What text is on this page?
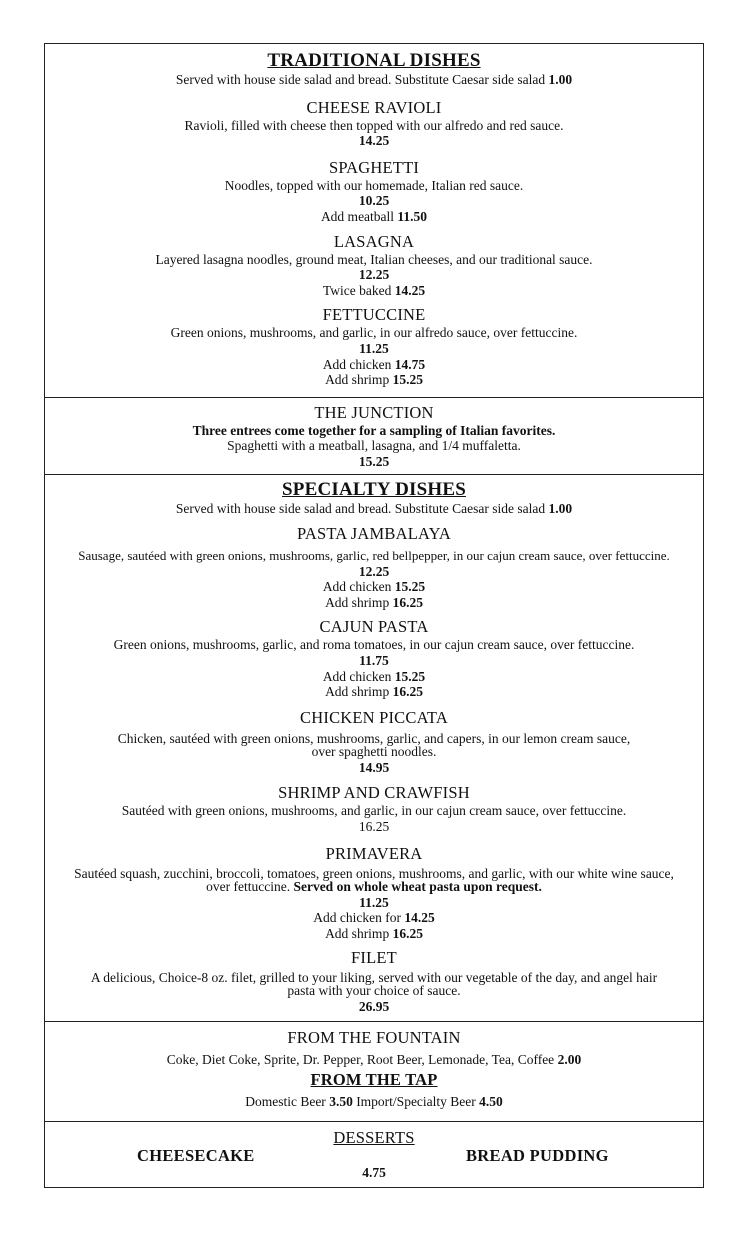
TRADITIONAL DISHES
Served with house side salad and bread. Substitute Caesar side salad 1.00
CHEESE RAVIOLI
Ravioli, filled with cheese then topped with our alfredo and red sauce.
14.25
SPAGHETTI
Noodles, topped with our homemade, Italian red sauce.
10.25
Add meatball 11.50
LASAGNA
Layered lasagna noodles, ground meat, Italian cheeses, and our traditional sauce.
12.25
Twice baked 14.25
FETTUCCINE
Green onions, mushrooms, and garlic, in our alfredo sauce, over fettuccine.
11.25
Add chicken 14.75
Add shrimp 15.25
THE JUNCTION
Three entrees come together for a sampling of Italian favorites.
Spaghetti with a meatball, lasagna, and 1/4 muffaletta.
15.25
SPECIALTY DISHES
Served with house side salad and bread. Substitute Caesar side salad 1.00
PASTA JAMBALAYA
Sausage, sautéed with green onions, mushrooms, garlic, red bellpepper, in our cajun cream sauce, over fettuccine.
12.25
Add chicken 15.25
Add shrimp 16.25
CAJUN PASTA
Green onions, mushrooms, garlic, and roma tomatoes, in our cajun cream sauce, over fettuccine.
11.75
Add chicken 15.25
Add shrimp 16.25
CHICKEN PICCATA
Chicken, sautéed with green onions, mushrooms, garlic, and capers, in our lemon cream sauce,
over spaghetti noodles.
14.95
SHRIMP AND CRAWFISH
Sautéed with green onions, mushrooms, and garlic, in our cajun cream sauce, over fettuccine.
16.25
PRIMAVERA
Sautéed squash, zucchini, broccoli, tomatoes, green onions, mushrooms, and garlic, with our white wine sauce,
over fettuccine. Served on whole wheat pasta upon request.
11.25
Add chicken for 14.25
Add shrimp 16.25
FILET
A delicious, Choice-8 oz. filet, grilled to your liking, served with our vegetable of the day, and angel hair
pasta with your choice of sauce.
26.95
FROM THE FOUNTAIN
Coke, Diet Coke, Sprite, Dr. Pepper, Root Beer, Lemonade, Tea, Coffee 2.00
FROM THE TAP
Domestic Beer 3.50 Import/Specialty Beer 4.50
DESSERTS
CHEESECAKE	BREAD PUDDING
4.75
